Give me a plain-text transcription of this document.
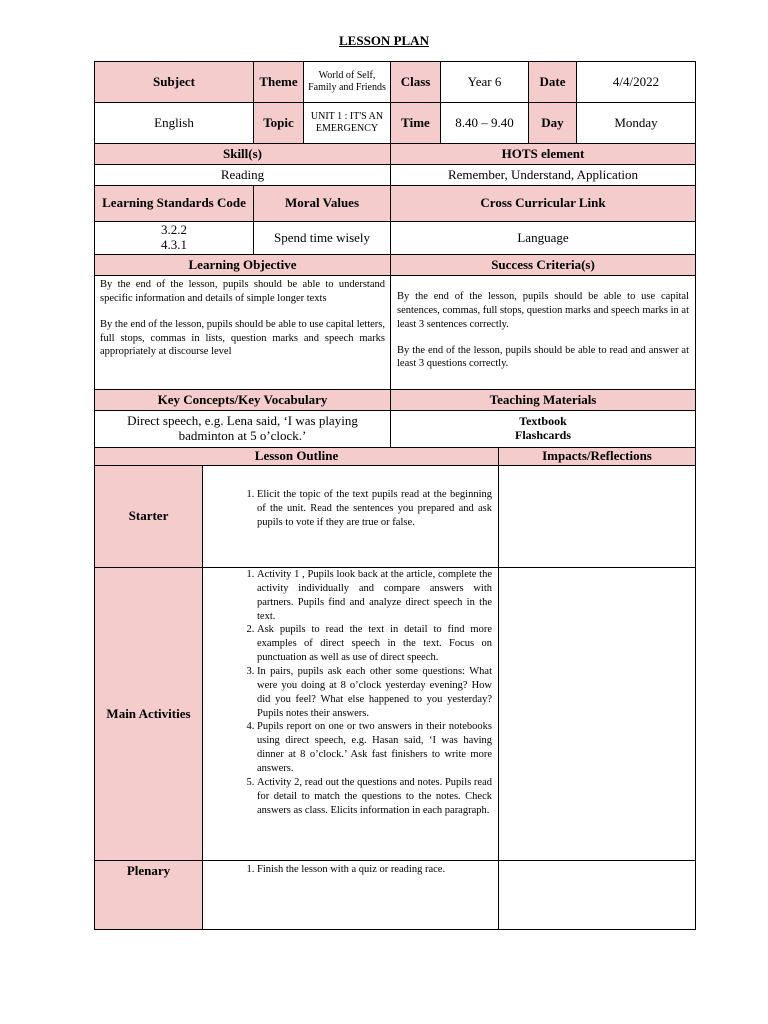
LESSON PLAN
Subject	Theme	World of Self, Family and Friends	Class	Year 6	Date	4/4/2022
English	Topic	UNIT 1 : IT'S AN EMERGENCY	Time	8.40 – 9.40	Day	Monday
Skill(s)	HOTS element
Reading	Remember, Understand, Application
Learning Standards Code	Moral Values	Cross Curricular Link
3.2.2
4.3.1	Spend time wisely	Language
Learning Objective	Success Criteria(s)

By the end of the lesson, pupils should be able to understand specific information and details of simple longer texts

By the end of the lesson, pupils should be able to use capital letters, full stops, commas in lists, question marks and speech marks appropriately at discourse level

By the end of the lesson, pupils should be able to use capital sentences, commas, full stops, question marks and speech marks in at least 3 sentences correctly.

By the end of the lesson, pupils should be able to read and answer at least 3 questions correctly.

Key Concepts/Key Vocabulary	Teaching Materials
Direct speech, e.g. Lena said, ‘I was playing badminton at 5 o’clock.’
Textbook
Flashcards
Lesson Outline	Impacts/Reflections
Starter
1. Elicit the topic of the text pupils read at the beginning of the unit. Read the sentences you prepared and ask pupils to vote if they are true or false.
Main Activities
1. Activity 1 , Pupils look back at the article, complete the activity individually and compare answers with partners. Pupils find and analyze direct speech in the text.
2. Ask pupils to read the text in detail to find more examples of direct speech in the text. Focus on punctuation as well as use of direct speech.
3. In pairs, pupils ask each other some questions: What were you doing at 8 o’clock yesterday evening? How did you feel? What else happened to you yesterday? Pupils notes their answers.
4. Pupils report on one or two answers in their notebooks using direct speech, e.g. Hasan said, ‘I was having dinner at 8 o’clock.’ Ask fast finishers to write more answers.
5. Activity 2, read out the questions and notes. Pupils read for detail to match the questions to the notes. Check answers as class. Elicits information in each paragraph.
Plenary
1.	Finish the lesson with a quiz or reading race.
